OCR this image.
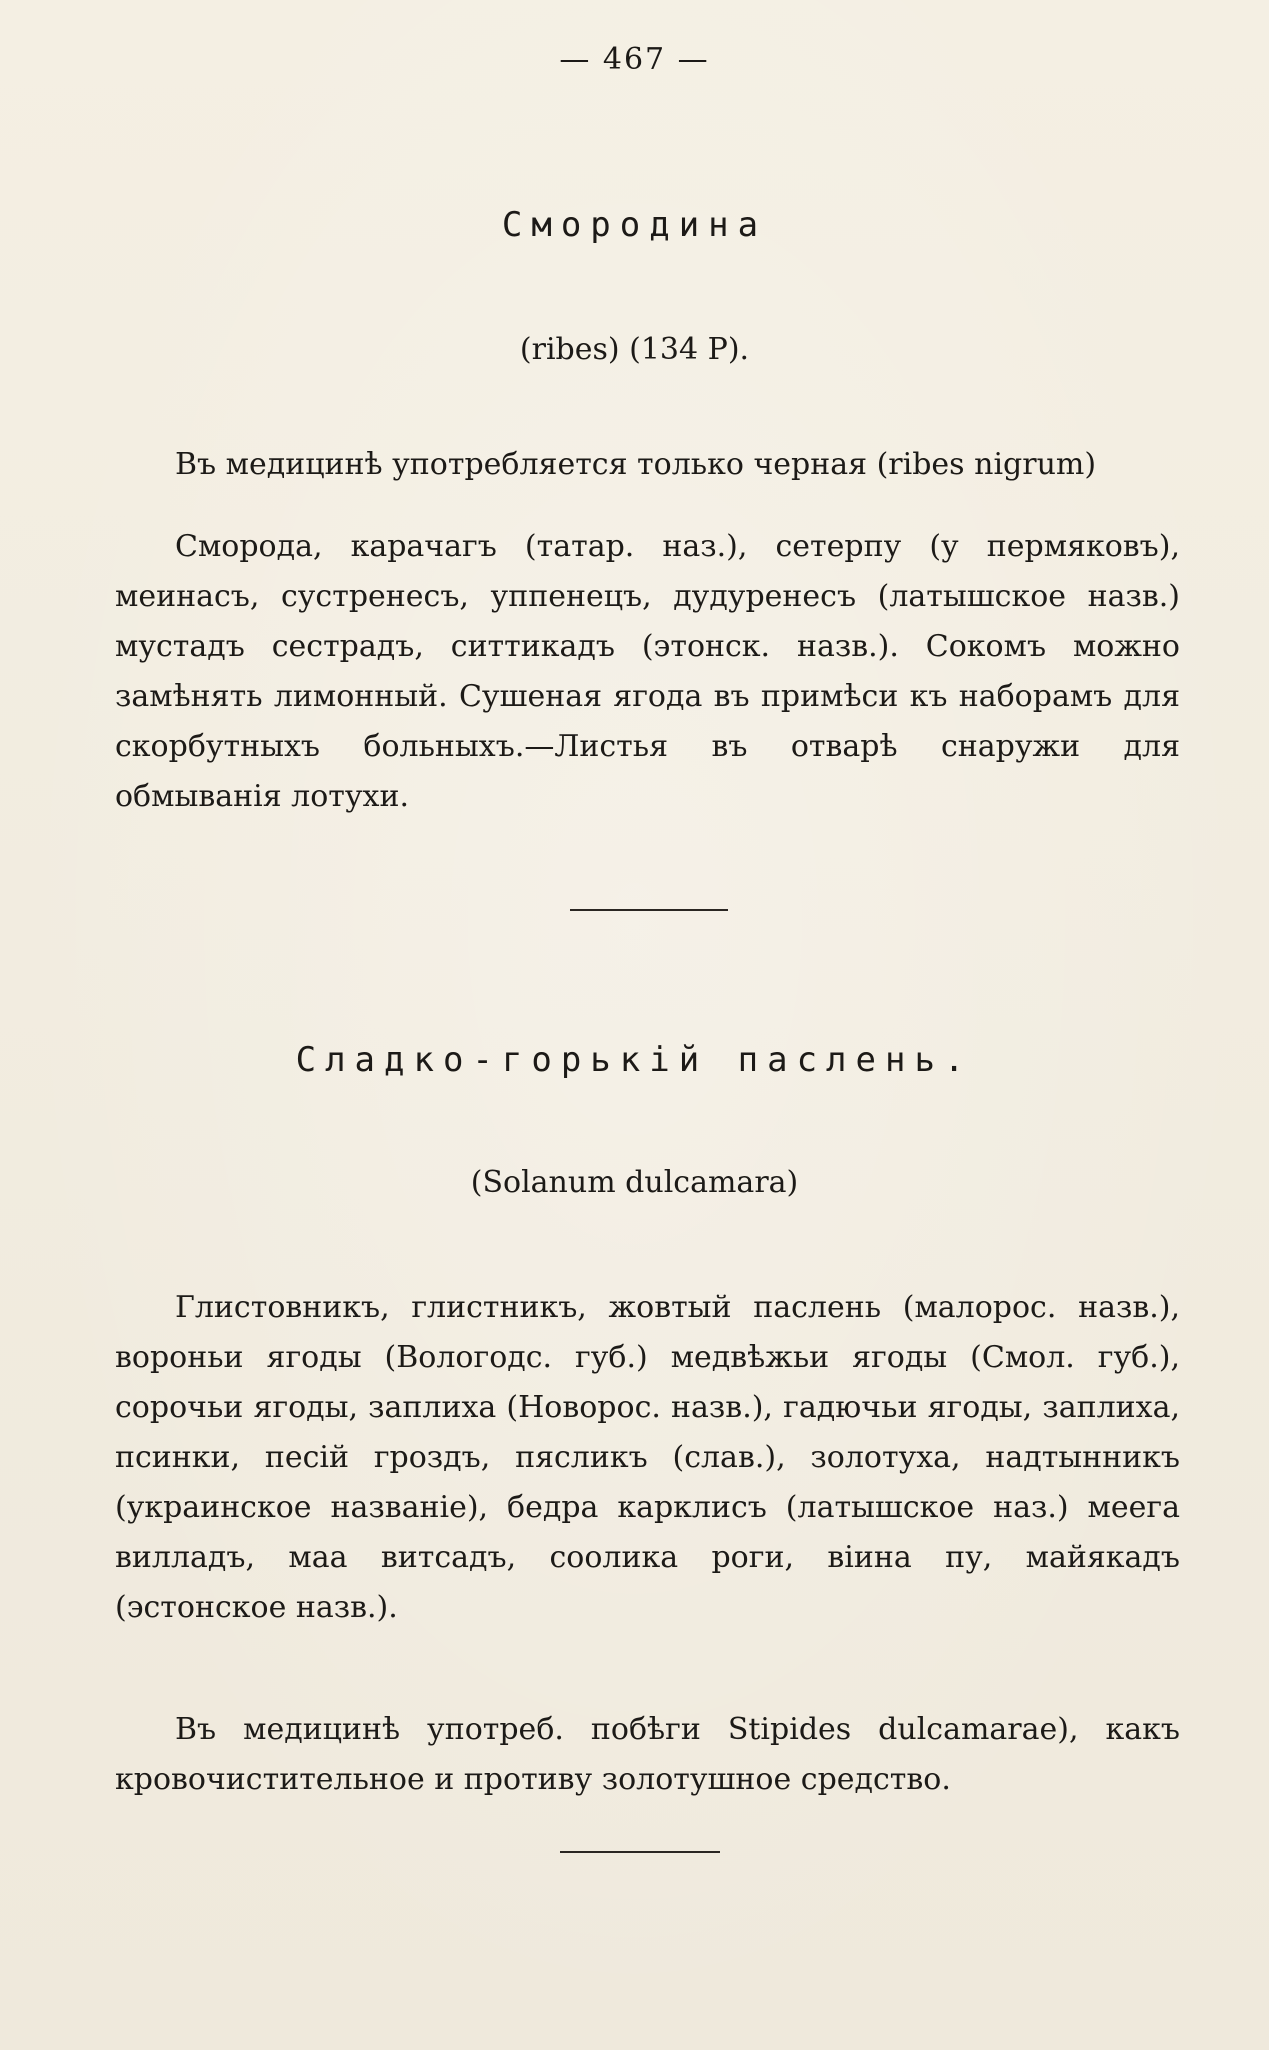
— 467 —
Смородина
(ribes) (134 P).

Въ медицинѣ употребляется только черная (ribes nigrum)

Сморода, карачагъ (татар. наз.), сетерпу (у пермяковъ), меинасъ, сустренесъ, уппенецъ, дудуренесъ (латышское назв.) мустадъ сестрадъ, ситтикадъ (этонск. назв.). Сокомъ можно замѣнять лимонный. Сушеная ягода въ примѣси къ наборамъ для скорбутныхъ больныхъ.—Листья въ отварѣ снаружи для обмыванiя лотухи.

Сладко-горькій паслень.
(Solanum dulcamara)

Глистовникъ, глистникъ, жовтый паслень (малорос. назв.), вороньи ягоды (Вологодс. губ.) медвѣжьи ягоды (Смол. губ.), сорочьи ягоды, заплиха (Новорос. назв.), гадючьи ягоды, заплиха, псинки, песій гроздъ, пясликъ (слав.), золотуха, надтынникъ (украинское названiе), бедра карклисъ (латышское наз.) меега вилладъ, маа витсадъ, соолика роги, віина пу, майякадъ (эстонское назв.).

Въ медицинѣ употреб. побѣги Stipides dulcamarae), какъ кровочистительное и противу золотушное средство.
